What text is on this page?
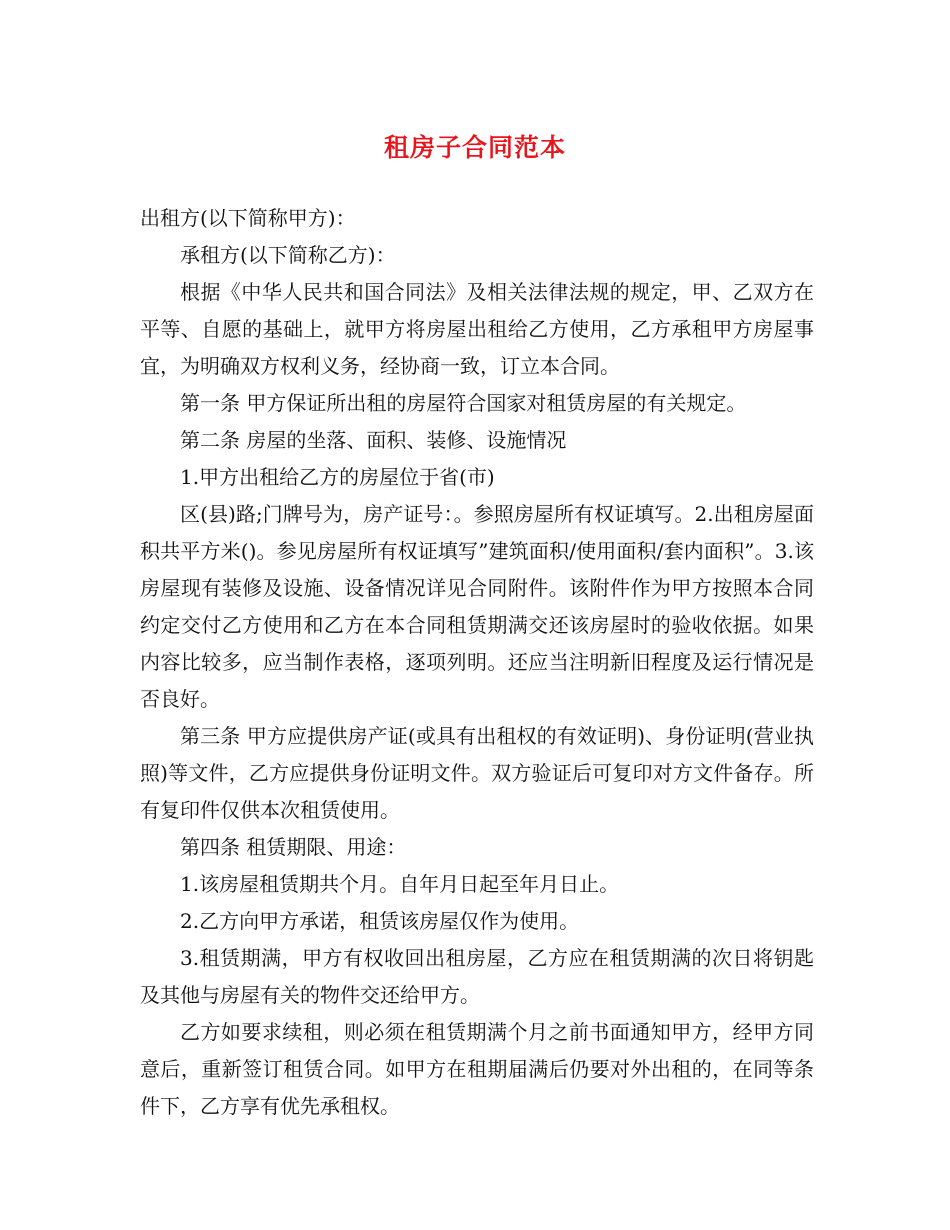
租房子合同范本

出租方(以下简称甲方)：

承租方(以下简称乙方)：

根据《中华人民共和国合同法》及相关法律法规的规定，甲、乙双方在平等、自愿的基础上，就甲方将房屋出租给乙方使用，乙方承租甲方房屋事宜，为明确双方权利义务，经协商一致，订立本合同。

第一条 甲方保证所出租的房屋符合国家对租赁房屋的有关规定。

第二条 房屋的坐落、面积、装修、设施情况

1.甲方出租给乙方的房屋位于省(市)

区(县)路;门牌号为，房产证号：。参照房屋所有权证填写。2.出租房屋面积共平方米()。参见房屋所有权证填写”建筑面积/使用面积/套内面积”。3.该房屋现有装修及设施、设备情况详见合同附件。该附件作为甲方按照本合同约定交付乙方使用和乙方在本合同租赁期满交还该房屋时的验收依据。如果内容比较多，应当制作表格，逐项列明。还应当注明新旧程度及运行情况是否良好。

第三条 甲方应提供房产证(或具有出租权的有效证明)、身份证明(营业执照)等文件，乙方应提供身份证明文件。双方验证后可复印对方文件备存。所有复印件仅供本次租赁使用。

第四条 租赁期限、用途：

1.该房屋租赁期共个月。自年月日起至年月日止。

2.乙方向甲方承诺，租赁该房屋仅作为使用。

3.租赁期满，甲方有权收回出租房屋，乙方应在租赁期满的次日将钥匙及其他与房屋有关的物件交还给甲方。

乙方如要求续租，则必须在租赁期满个月之前书面通知甲方，经甲方同意后，重新签订租赁合同。如甲方在租期届满后仍要对外出租的，在同等条件下，乙方享有优先承租权。
